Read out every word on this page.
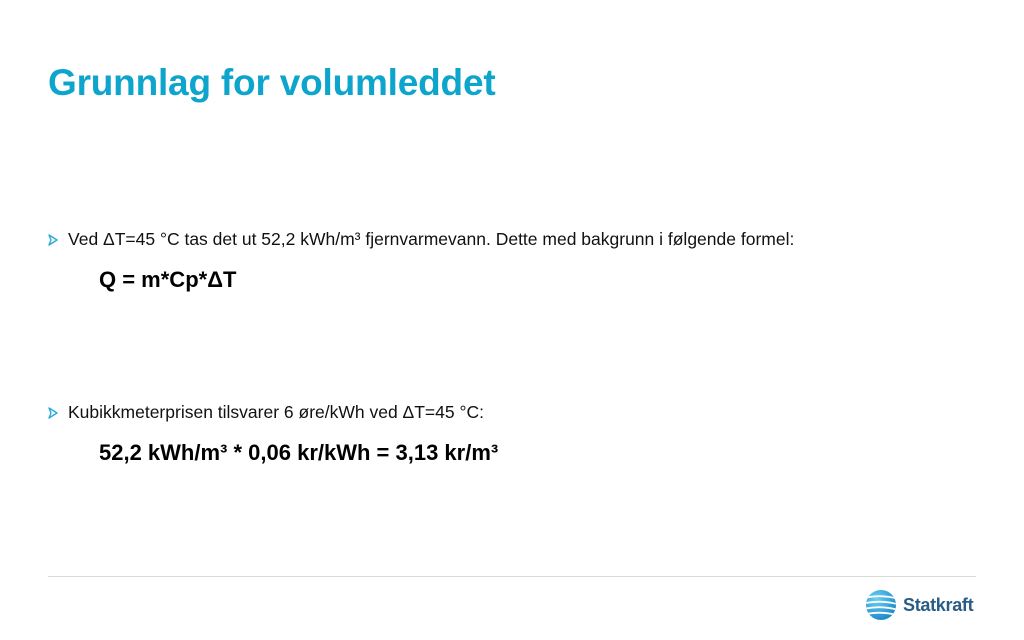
Grunnlag for volumleddet
Ved ΔT=45 °C tas det ut 52,2 kWh/m³ fjernvarmevann. Dette med bakgrunn i følgende formel:
Q = m*Cp*ΔT
Kubikkmeterprisen tilsvarer 6 øre/kWh ved ΔT=45 °C:
52,2 kWh/m³ * 0,06 kr/kWh = 3,13 kr/m³
Statkraft
